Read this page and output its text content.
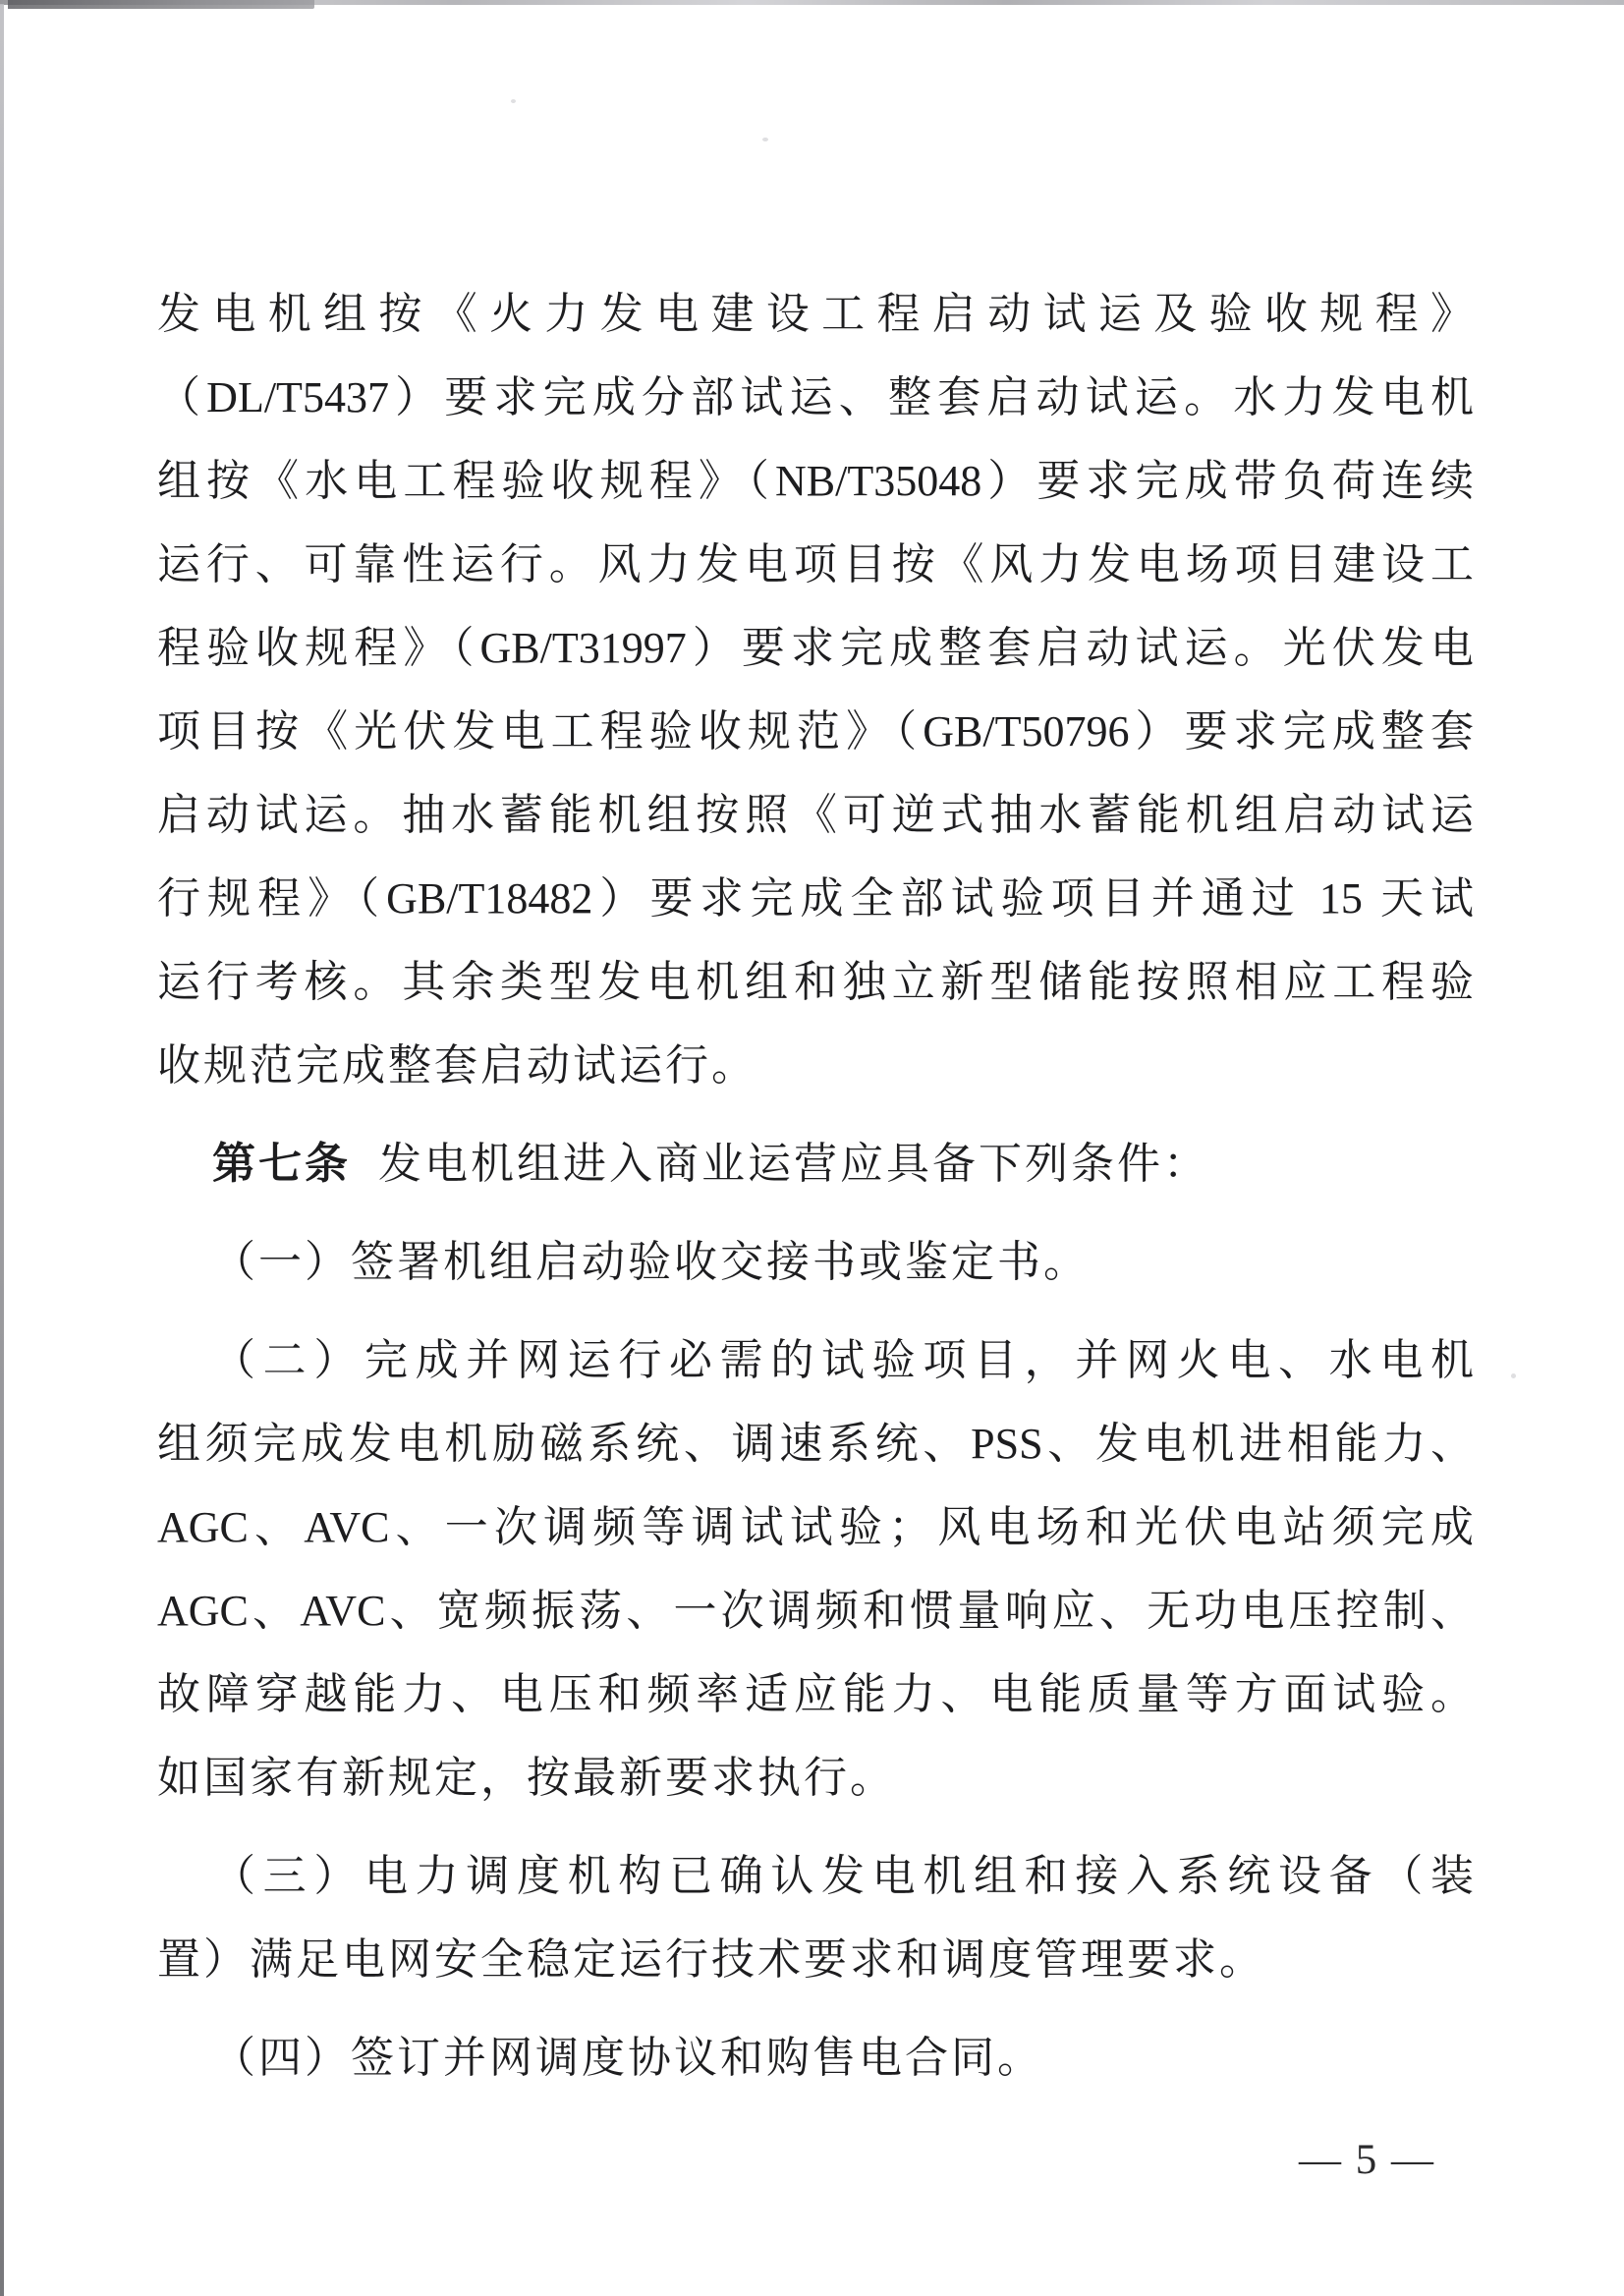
发电机组按《火力发电建设工程启动试运及验收规程》
（DL/T5437）要求完成分部试运、整套启动试运。水力发电机
组按《水电工程验收规程》（NB/T35048）要求完成带负荷连续
运行、可靠性运行。风力发电项目按《风力发电场项目建设工
程验收规程》（GB/T31997）要求完成整套启动试运。光伏发电
项目按《光伏发电工程验收规范》（GB/T50796）要求完成整套
启动试运。抽水蓄能机组按照《可逆式抽水蓄能机组启动试运
行规程》（GB/T18482）要求完成全部试验项目并通过 15 天试
运行考核。其余类型发电机组和独立新型储能按照相应工程验
收规范完成整套启动试运行。
第七条 发电机组进入商业运营应具备下列条件：
（一）签署机组启动验收交接书或鉴定书。
（二）完成并网运行必需的试验项目，并网火电、水电机
组须完成发电机励磁系统、调速系统、PSS、发电机进相能力、
AGC、AVC、一次调频等调试试验；风电场和光伏电站须完成
AGC、AVC、宽频振荡、一次调频和惯量响应、无功电压控制、
故障穿越能力、电压和频率适应能力、电能质量等方面试验。
如国家有新规定，按最新要求执行。
（三）电力调度机构已确认发电机组和接入系统设备（装
置）满足电网安全稳定运行技术要求和调度管理要求。
（四）签订并网调度协议和购售电合同。
— 5 —
